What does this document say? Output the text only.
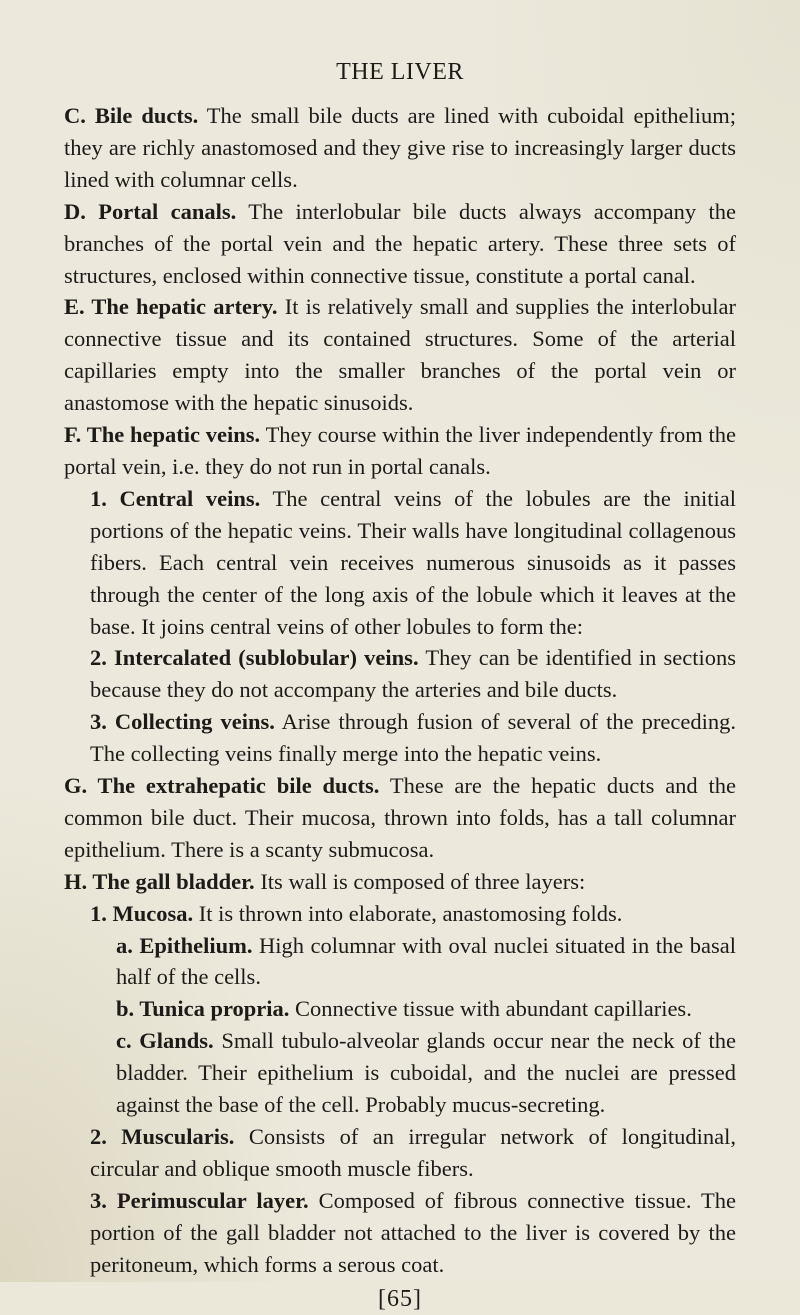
THE LIVER

C. Bile ducts. The small bile ducts are lined with cuboidal epithelium; they are richly anastomosed and they give rise to increasingly larger ducts lined with columnar cells.

D. Portal canals. The interlobular bile ducts always accompany the branches of the portal vein and the hepatic artery. These three sets of structures, enclosed within connective tissue, constitute a portal canal.

E. The hepatic artery. It is relatively small and supplies the interlobular connective tissue and its contained structures. Some of the arterial capillaries empty into the smaller branches of the portal vein or anastomose with the hepatic sinusoids.

F. The hepatic veins. They course within the liver independently from the portal vein, i.e. they do not run in portal canals.

1. Central veins. The central veins of the lobules are the initial portions of the hepatic veins. Their walls have longitudinal collagenous fibers. Each central vein receives numerous sinusoids as it passes through the center of the long axis of the lobule which it leaves at the base. It joins central veins of other lobules to form the:

2. Intercalated (sublobular) veins. They can be identified in sections because they do not accompany the arteries and bile ducts.

3. Collecting veins. Arise through fusion of several of the preceding. The collecting veins finally merge into the hepatic veins.

G. The extrahepatic bile ducts. These are the hepatic ducts and the common bile duct. Their mucosa, thrown into folds, has a tall columnar epithelium. There is a scanty submucosa.

H. The gall bladder. Its wall is composed of three layers:

1. Mucosa. It is thrown into elaborate, anastomosing folds.

a. Epithelium. High columnar with oval nuclei situated in the basal half of the cells.

b. Tunica propria. Connective tissue with abundant capillaries.

c. Glands. Small tubulo-alveolar glands occur near the neck of the bladder. Their epithelium is cuboidal, and the nuclei are pressed against the base of the cell. Probably mucus-secreting.

2. Muscularis. Consists of an irregular network of longitudinal, circular and oblique smooth muscle fibers.

3. Perimuscular layer. Composed of fibrous connective tissue. The portion of the gall bladder not attached to the liver is covered by the peritoneum, which forms a serous coat.

[65]
